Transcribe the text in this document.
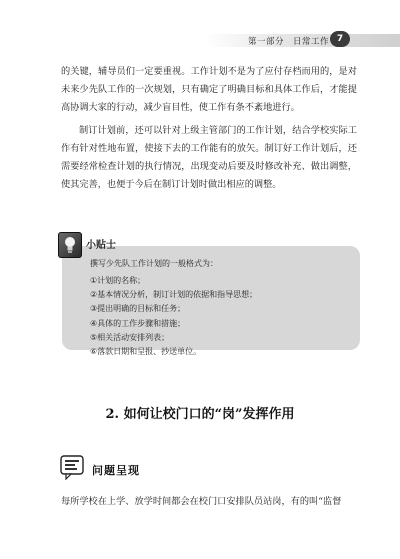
第一部分 日常工作 7

的关键，辅导员们一定要重视。工作计划不是为了应付存档而用的，是对未来少先队工作的一次规划，只有确定了明确目标和具体工作后，才能提高协调大家的行动，减少盲目性，使工作有条不紊地进行。

制订计划前，还可以针对上级主管部门的工作计划，结合学校实际工作有针对性地布置，使接下去的工作能有的放矢。制订好工作计划后，还需要经常检查计划的执行情况，出现变动后要及时修改补充、做出调整，使其完善，也便于今后在制订计划时做出相应的调整。

小贴士
撰写少先队工作计划的一般格式为：
①计划的名称；
②基本情况分析，制订计划的依据和指导思想；
③提出明确的目标和任务；
④具体的工作步骤和措施；
⑤相关活动安排列表；
⑥落款日期和呈报、抄送单位。
2. 如何让校门口的“岗”发挥作用
问题呈现

每所学校在上学、放学时间都会在校门口安排队员站岗，有的叫“监督
